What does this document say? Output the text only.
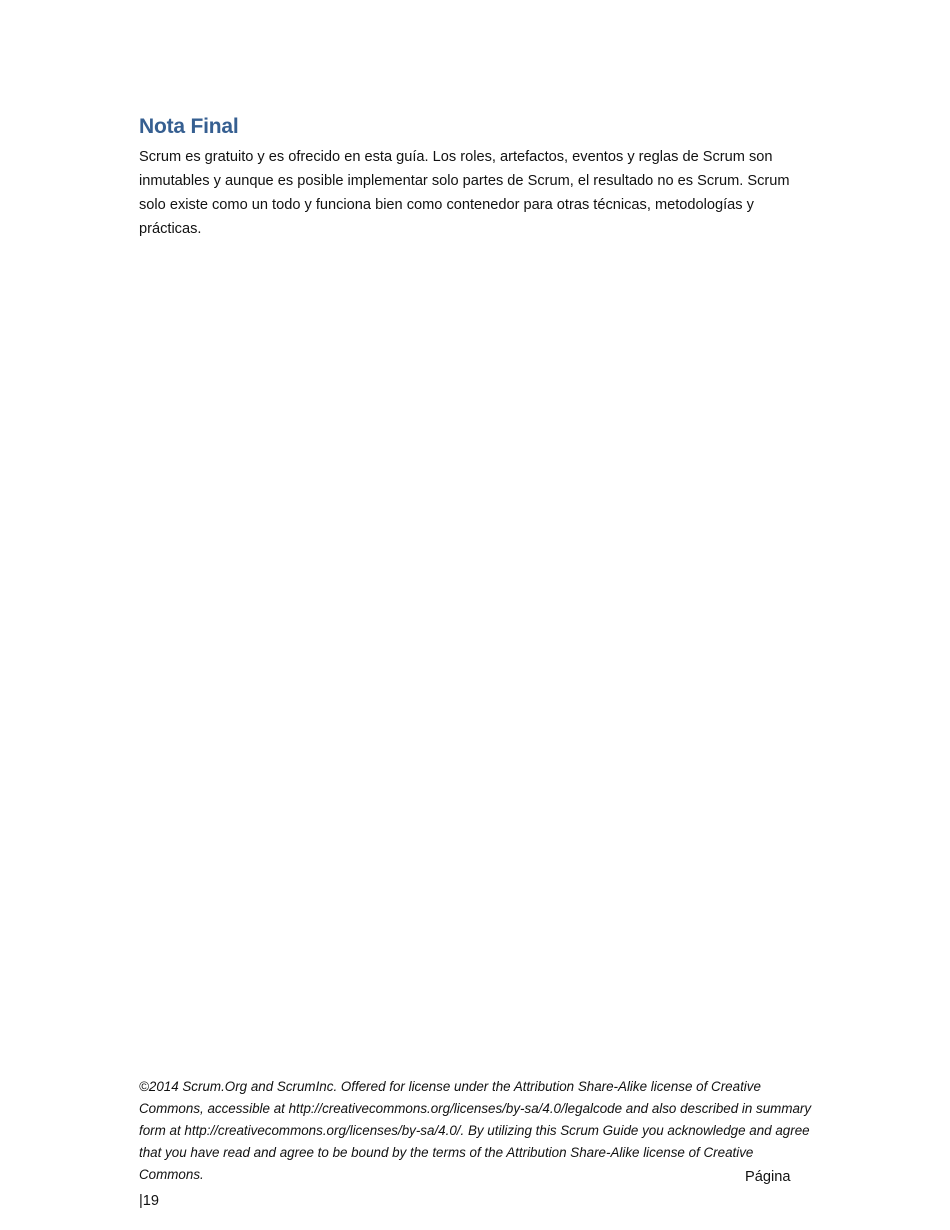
Nota Final

Scrum es gratuito y es ofrecido en esta guía. Los roles, artefactos, eventos y reglas de Scrum son inmutables y aunque es posible implementar solo partes de Scrum, el resultado no es Scrum. Scrum solo existe como un todo y funciona bien como contenedor para otras técnicas, metodologías y prácticas.

©2014 Scrum.Org and ScrumInc. Offered for license under the Attribution Share-Alike license of Creative Commons, accessible at http://creativecommons.org/licenses/by-sa/4.0/legalcode and also described in summary form at http://creativecommons.org/licenses/by-sa/4.0/. By utilizing this Scrum Guide you acknowledge and agree that you have read and agree to be bound by the terms of the Attribution Share-Alike license of Creative Commons.	Página
|19
